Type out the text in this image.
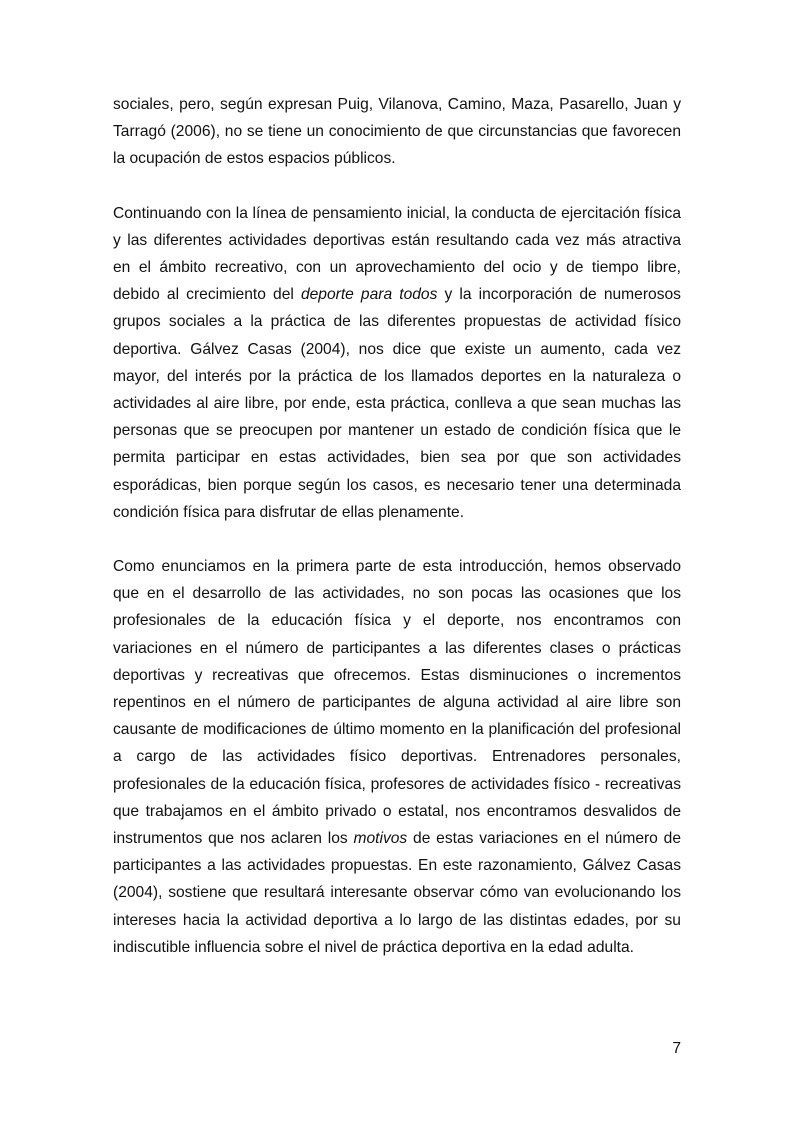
sociales, pero, según expresan Puig, Vilanova, Camino, Maza, Pasarello, Juan y Tarragó (2006), no se tiene un conocimiento de que circunstancias que favorecen la ocupación de estos espacios públicos.

Continuando con la línea de pensamiento inicial, la conducta de ejercitación física y las diferentes actividades deportivas están resultando cada vez más atractiva en el ámbito recreativo, con un aprovechamiento del ocio y de tiempo libre, debido al crecimiento del deporte para todos y la incorporación de numerosos grupos sociales a la práctica de las diferentes propuestas de actividad físico deportiva. Gálvez Casas (2004), nos dice que existe un aumento, cada vez mayor, del interés por la práctica de los llamados deportes en la naturaleza o actividades al aire libre, por ende, esta práctica, conlleva a que sean muchas las personas que se preocupen por mantener un estado de condición física que le permita participar en estas actividades, bien sea por que son actividades esporádicas, bien porque según los casos, es necesario tener una determinada condición física para disfrutar de ellas plenamente.

Como enunciamos en la primera parte de esta introducción, hemos observado que en el desarrollo de las actividades, no son pocas las ocasiones que los profesionales de la educación física y el deporte, nos encontramos con variaciones en el número de participantes a las diferentes clases o prácticas deportivas y recreativas que ofrecemos. Estas disminuciones o incrementos repentinos en el número de participantes de alguna actividad al aire libre son causante de modificaciones de último momento en la planificación del profesional a cargo de las actividades físico deportivas. Entrenadores personales, profesionales de la educación física, profesores de actividades físico - recreativas que trabajamos en el ámbito privado o estatal, nos encontramos desvalidos de instrumentos que nos aclaren los motivos de estas variaciones en el número de participantes a las actividades propuestas. En este razonamiento, Gálvez Casas (2004), sostiene que resultará interesante observar cómo van evolucionando los intereses hacia la actividad deportiva a lo largo de las distintas edades, por su indiscutible influencia sobre el nivel de práctica deportiva en la edad adulta.

7
